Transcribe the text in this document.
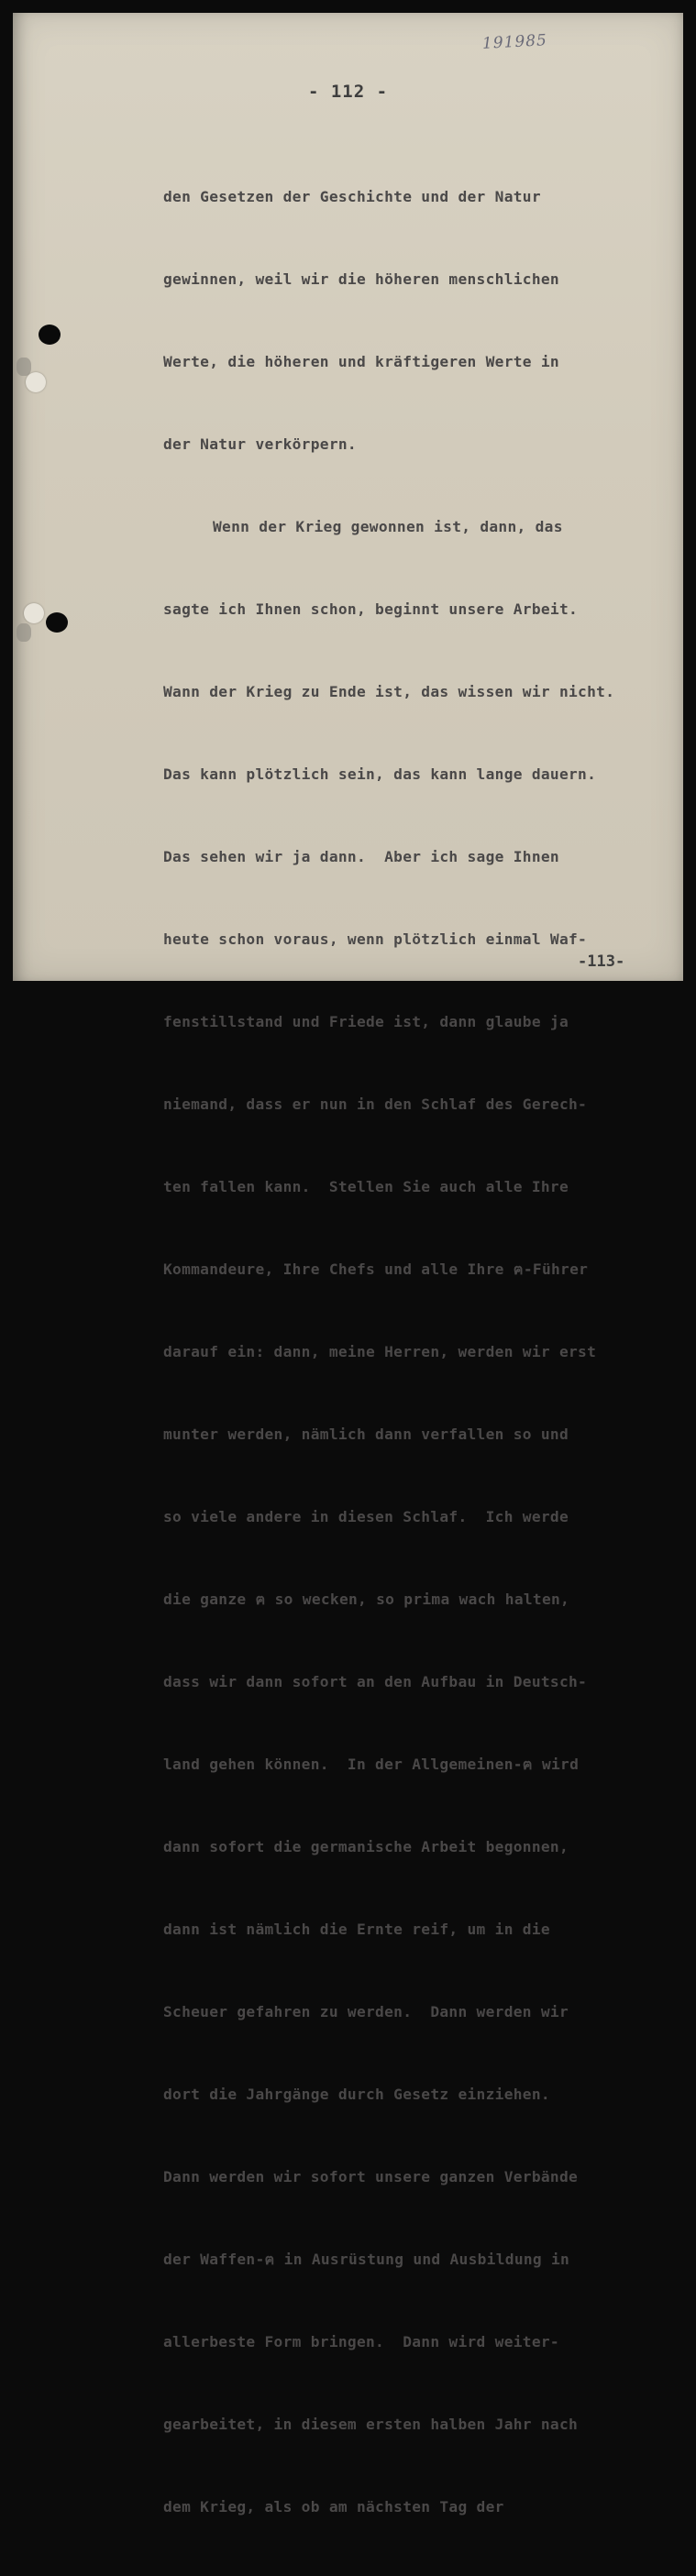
191985
- 112 -

den Gesetzen der Geschichte und der Natur

gewinnen, weil wir die höheren menschlichen

Werte, die höheren und kräftigeren Werte in

der Natur verkörpern.

Wenn der Krieg gewonnen ist, dann, das

sagte ich Ihnen schon, beginnt unsere Arbeit.

Wann der Krieg zu Ende ist, das wissen wir nicht.

Das kann plötzlich sein, das kann lange dauern.

Das sehen wir ja dann.  Aber ich sage Ihnen

heute schon voraus, wenn plötzlich einmal Waf-

fenstillstand und Friede ist, dann glaube ja

niemand, dass er nun in den Schlaf des Gerech-

ten fallen kann.  Stellen Sie auch alle Ihre

Kommandeure, Ihre Chefs und alle Ihre ฅ-Führer

darauf ein: dann, meine Herren, werden wir erst

munter werden, nämlich dann verfallen so und

so viele andere in diesen Schlaf.  Ich werde

die ganze ฅ so wecken, so prima wach halten,

dass wir dann sofort an den Aufbau in Deutsch-

land gehen können.  In der Allgemeinen-ฅ wird

dann sofort die germanische Arbeit begonnen,

dann ist nämlich die Ernte reif, um in die

Scheuer gefahren zu werden.  Dann werden wir

dort die Jahrgänge durch Gesetz einziehen.

Dann werden wir sofort unsere ganzen Verbände

der Waffen-ฅ in Ausrüstung und Ausbildung in

allerbeste Form bringen.  Dann wird weiter-

gearbeitet, in diesem ersten halben Jahr nach

dem Krieg, als ob am nächsten Tag der

-113-
